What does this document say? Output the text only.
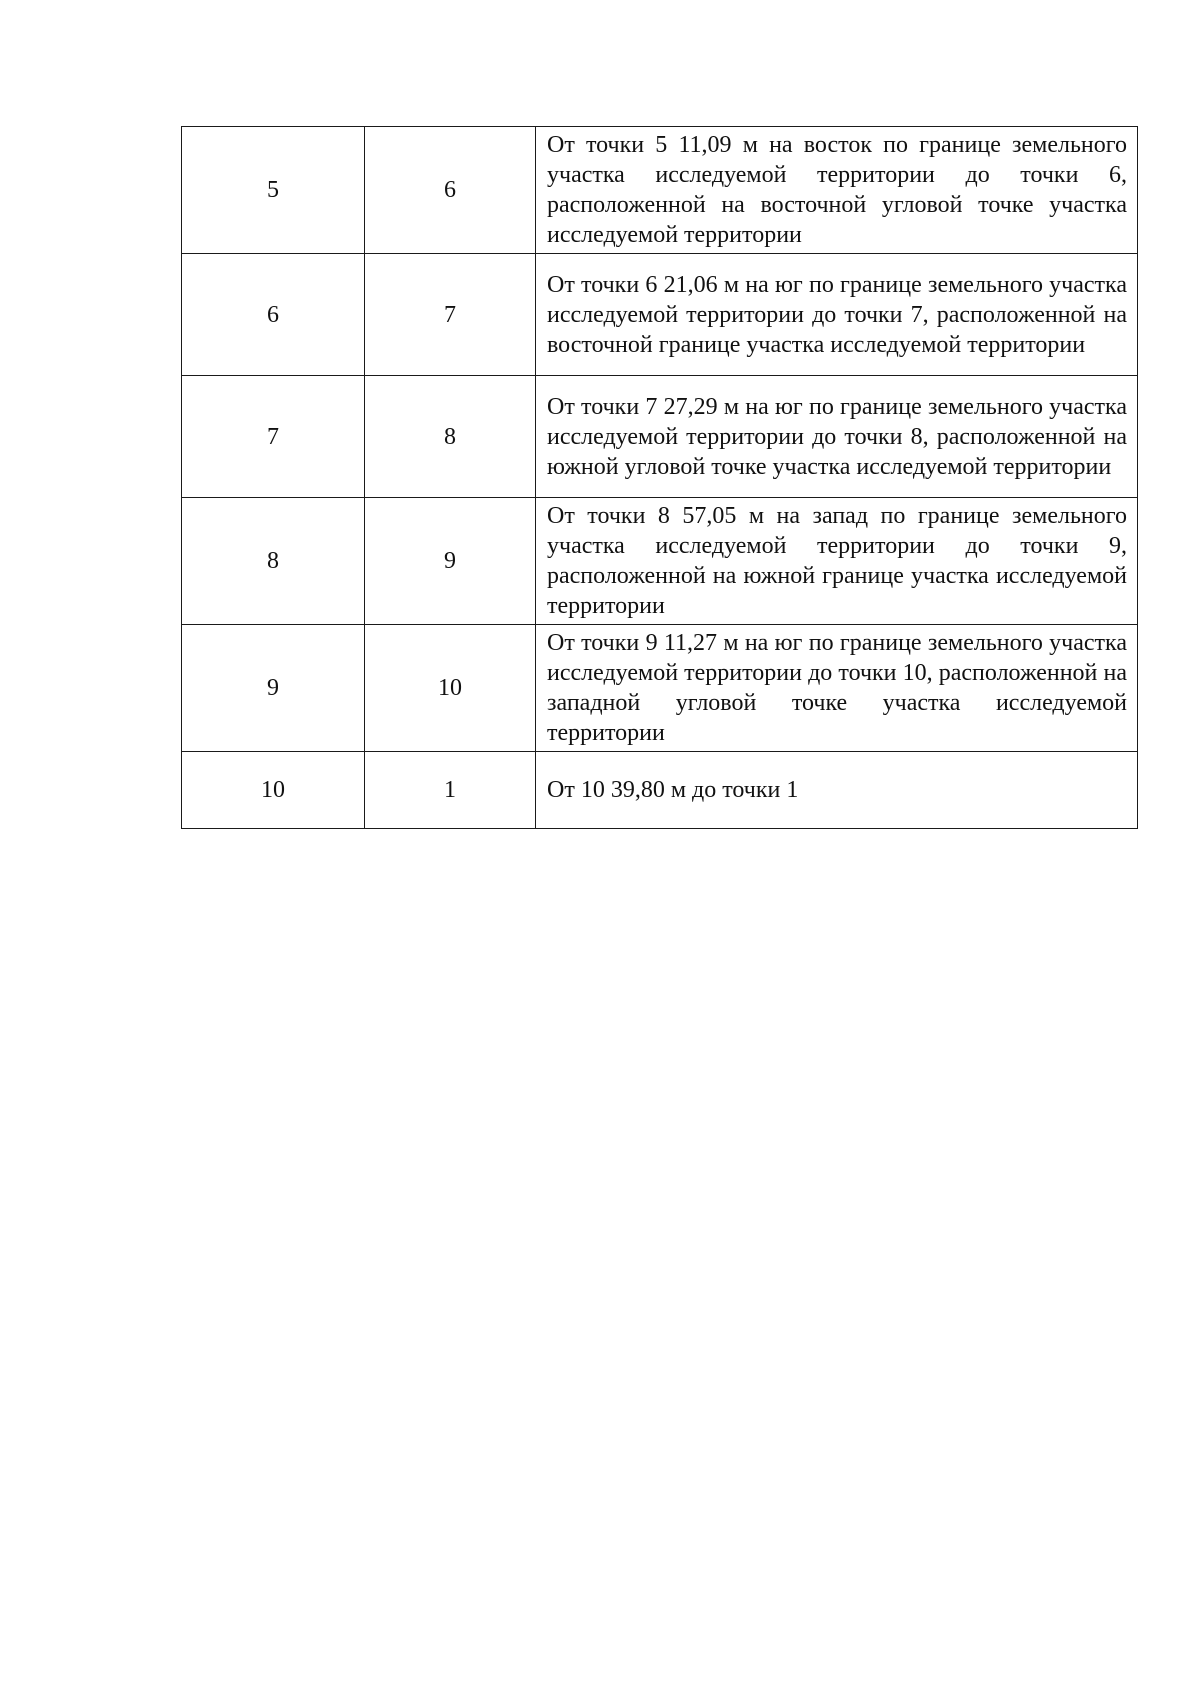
5	6	От точки 5 11,09 м на восток по границе земельного участка исследуемой территории до точки 6, расположенной на восточной угловой точке участка исследуемой территории
6	7	От точки 6 21,06 м на юг по границе земельного участка исследуемой территории до точки 7, расположенной на восточной границе участка исследуемой территории
7	8	От точки 7 27,29 м на юг по границе земельного участка исследуемой территории до точки 8, расположенной на южной угловой точке участка исследуемой территории
8	9	От точки 8 57,05 м на запад по границе земельного участка исследуемой территории до точки 9, расположенной на южной границе участка исследуемой территории
9	10	От точки 9 11,27 м на юг по границе земельного участка исследуемой территории до точки 10, расположенной на западной угловой точке участка исследуемой территории
10	1	От 10 39,80 м до точки 1
